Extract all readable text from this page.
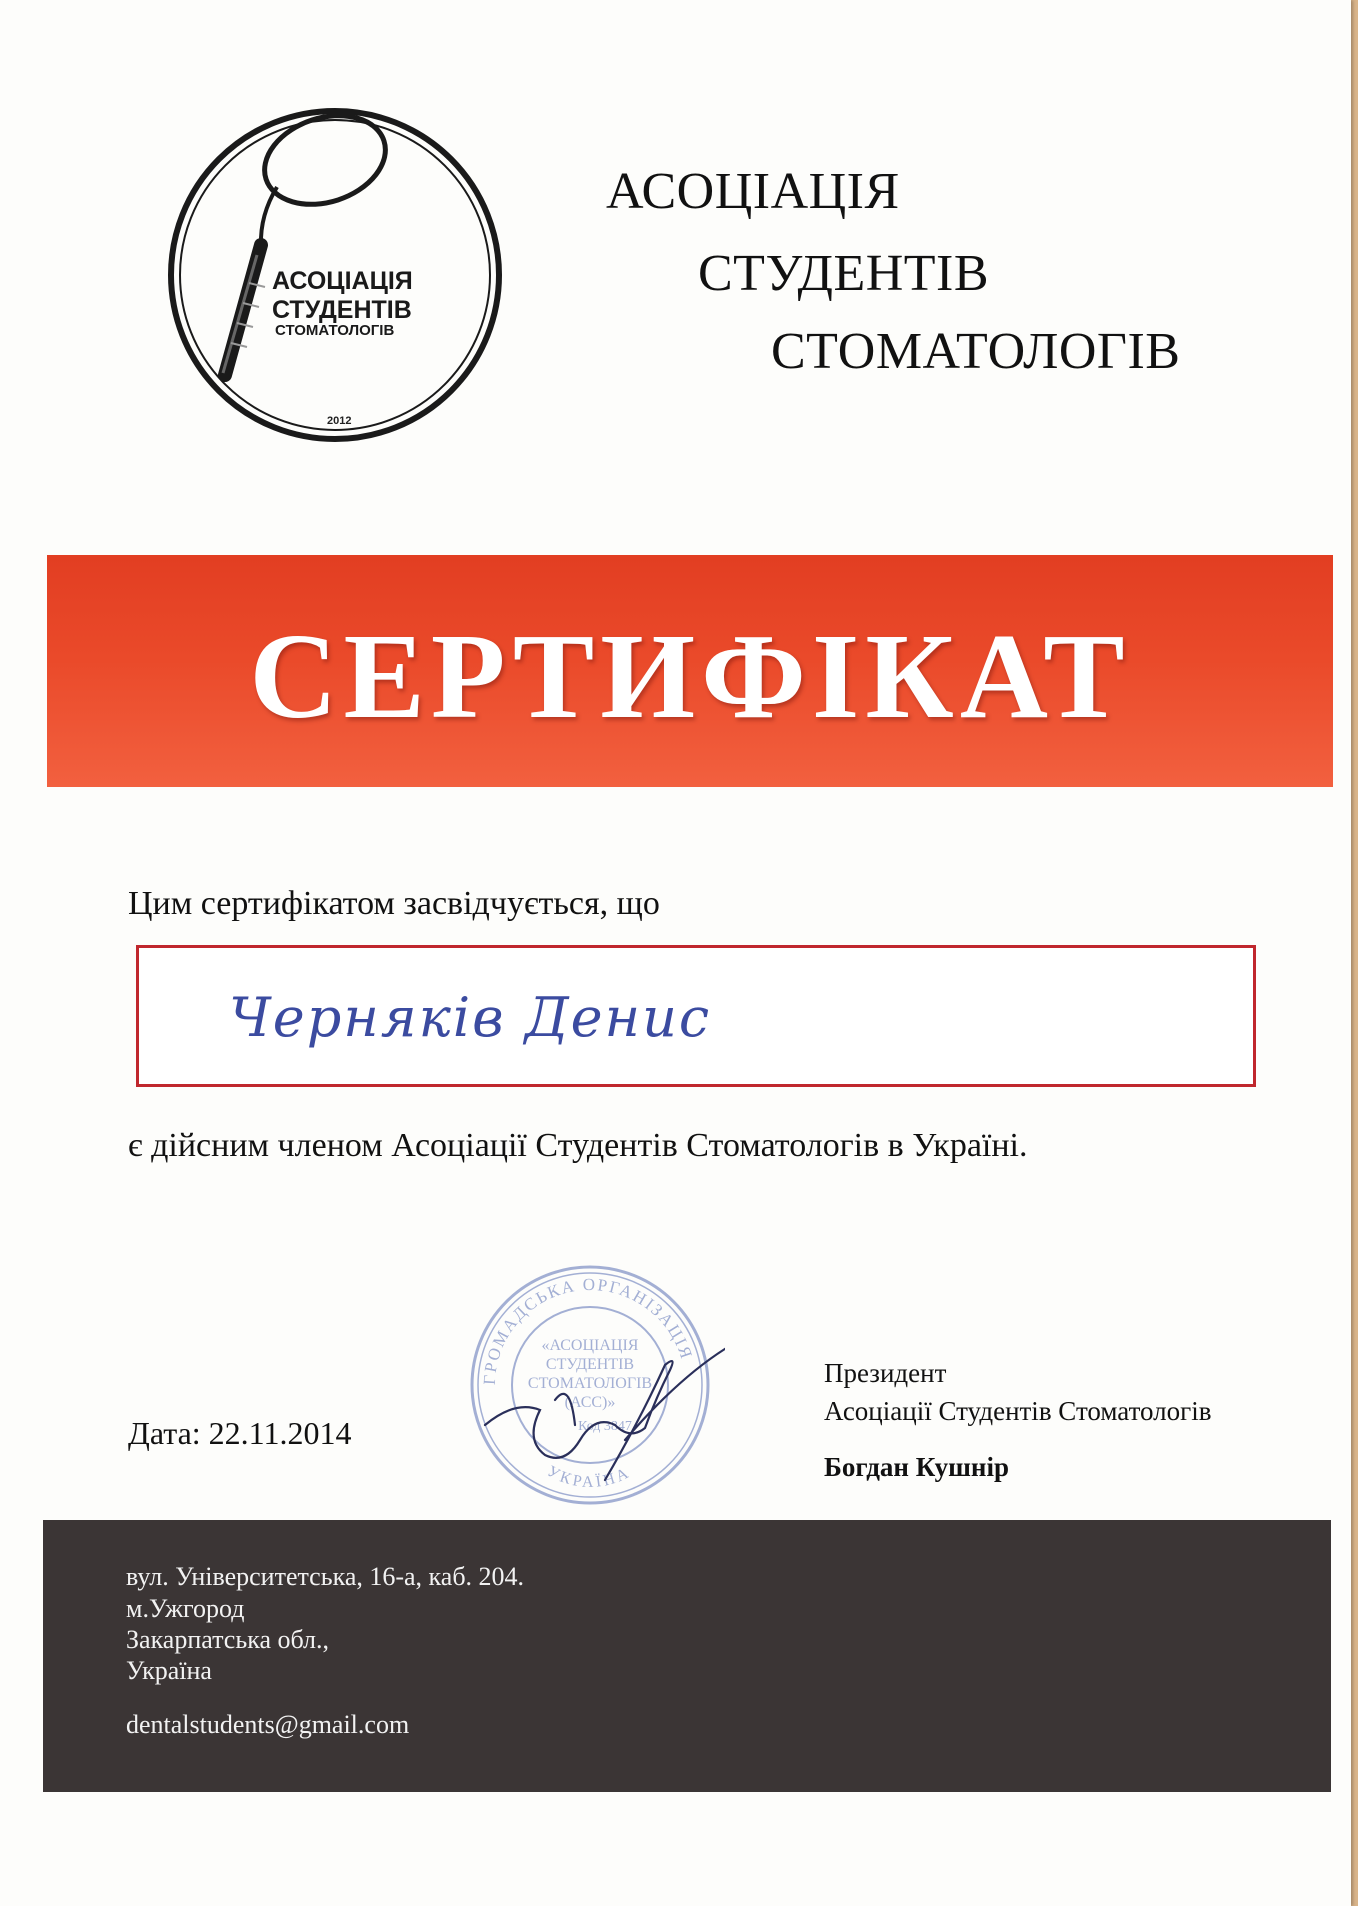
АСОЦІАЦІЯ
СТУДЕНТІВ
СТОМАТОЛОГІВ
2012
АСОЦІАЦІЯ
СТУДЕНТІВ
СТОМАТОЛОГІВ
СЕРТИФІКАТ
Цим сертифікатом засвідчується, що
Чернякiв Денис
є дійсним членом Асоціації Студентів Стоматологів в Україні.
ГРОМАДСЬКА ОРГАНІЗАЦІЯ
«АСОЦІАЦІЯ
СТУДЕНТІВ
СТОМАТОЛОГІВ
(АСС)»
Код 3847
УКРАЇНА
Дата: 22.11.2014
Президент
Асоціації Студентів Стоматологів
Богдан Кушнір
вул. Університетська, 16-а, каб. 204.
м.Ужгород
Закарпатська обл.,
Україна
dentalstudents@gmail.com
